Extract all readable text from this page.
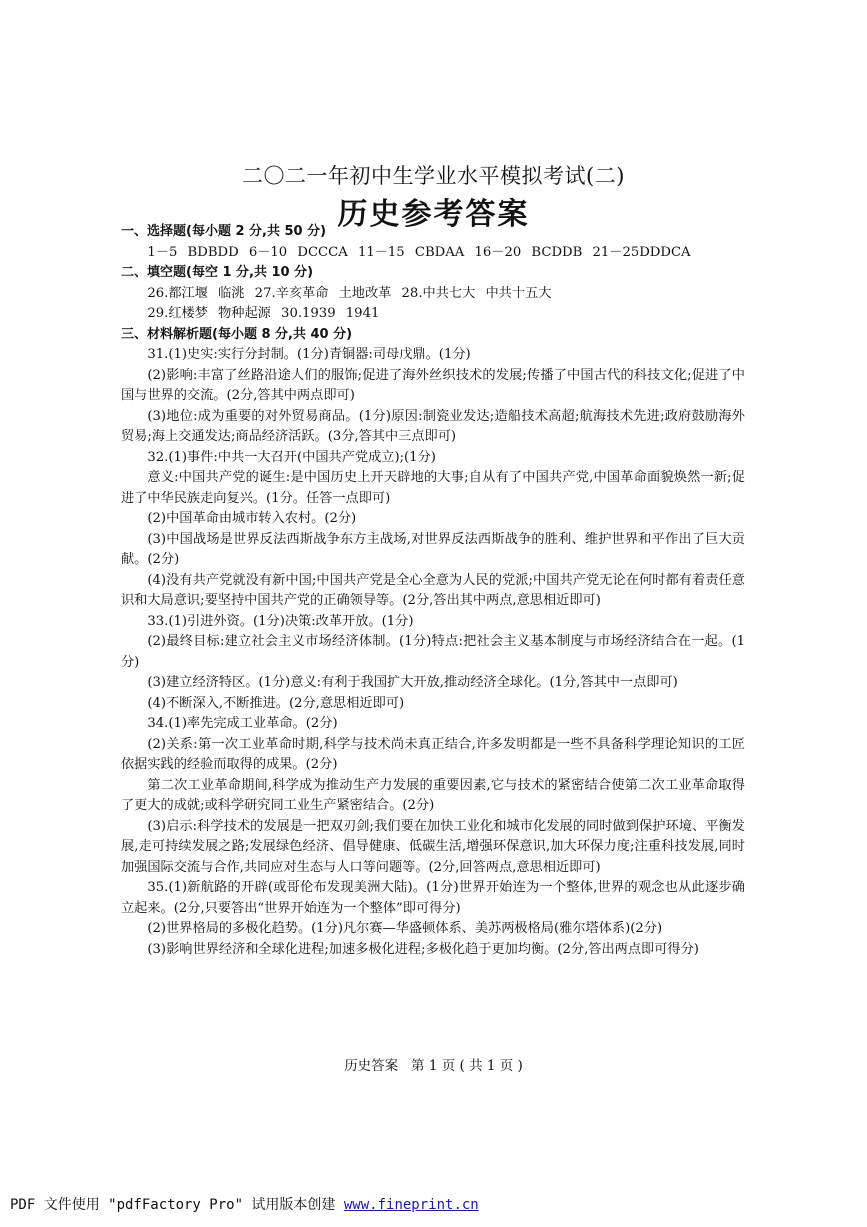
二〇二一年初中生学业水平模拟考试(二)
历史参考答案

一、选择题(每小题 2 分,共 50 分)

1－5 BDBDD 6－10 DCCCA 11－15 CBDAA 16－20 BCDDB 21－25DDDCA

二、填空题(每空 1 分,共 10 分)

26.都江堰 临洮 27.辛亥革命 土地改革 28.中共七大 中共十五大

29.红楼梦 物种起源 30.1939 1941

三、材料解析题(每小题 8 分,共 40 分)

31.(1)史实:实行分封制。(1分)青铜器:司母戊鼎。(1分)

(2)影响:丰富了丝路沿途人们的服饰;促进了海外丝织技术的发展;传播了中国古代的科技文化;促进了中国与世界的交流。(2分,答其中两点即可)

(3)地位:成为重要的对外贸易商品。(1分)原因:制瓷业发达;造船技术高超;航海技术先进;政府鼓励海外贸易;海上交通发达;商品经济活跃。(3分,答其中三点即可)

32.(1)事件:中共一大召开(中国共产党成立);(1分)

意义:中国共产党的诞生:是中国历史上开天辟地的大事;自从有了中国共产党,中国革命面貌焕然一新;促进了中华民族走向复兴。(1分。任答一点即可)

(2)中国革命由城市转入农村。(2分)

(3)中国战场是世界反法西斯战争东方主战场,对世界反法西斯战争的胜利、维护世界和平作出了巨大贡献。(2分)

(4)没有共产党就没有新中国;中国共产党是全心全意为人民的党派;中国共产党无论在何时都有着责任意识和大局意识;要坚持中国共产党的正确领导等。(2分,答出其中两点,意思相近即可)

33.(1)引进外资。(1分)决策:改革开放。(1分)

(2)最终目标:建立社会主义市场经济体制。(1分)特点:把社会主义基本制度与市场经济结合在一起。(1分)

(3)建立经济特区。(1分)意义:有利于我国扩大开放,推动经济全球化。(1分,答其中一点即可)

(4)不断深入,不断推进。(2分,意思相近即可)

34.(1)率先完成工业革命。(2分)

(2)关系:第一次工业革命时期,科学与技术尚未真正结合,许多发明都是一些不具备科学理论知识的工匠依据实践的经验而取得的成果。(2分)

第二次工业革命期间,科学成为推动生产力发展的重要因素,它与技术的紧密结合使第二次工业革命取得了更大的成就;或科学研究同工业生产紧密结合。(2分)

(3)启示:科学技术的发展是一把双刃剑;我们要在加快工业化和城市化发展的同时做到保护环境、平衡发展,走可持续发展之路;发展绿色经济、倡导健康、低碳生活,增强环保意识,加大环保力度;注重科技发展,同时加强国际交流与合作,共同应对生态与人口等问题等。(2分,回答两点,意思相近即可)

35.(1)新航路的开辟(或哥伦布发现美洲大陆)。(1分)世界开始连为一个整体,世界的观念也从此逐步确立起来。(2分,只要答出“世界开始连为一个整体”即可得分)

(2)世界格局的多极化趋势。(1分)凡尔赛—华盛顿体系、美苏两极格局(雅尔塔体系)(2分)

(3)影响世界经济和全球化进程;加速多极化进程;多极化趋于更加均衡。(2分,答出两点即可得分)

历史答案   第 1 页 ( 共 1 页 )
PDF 文件使用 "pdfFactory Pro" 试用版本创建 www.fineprint.cn
